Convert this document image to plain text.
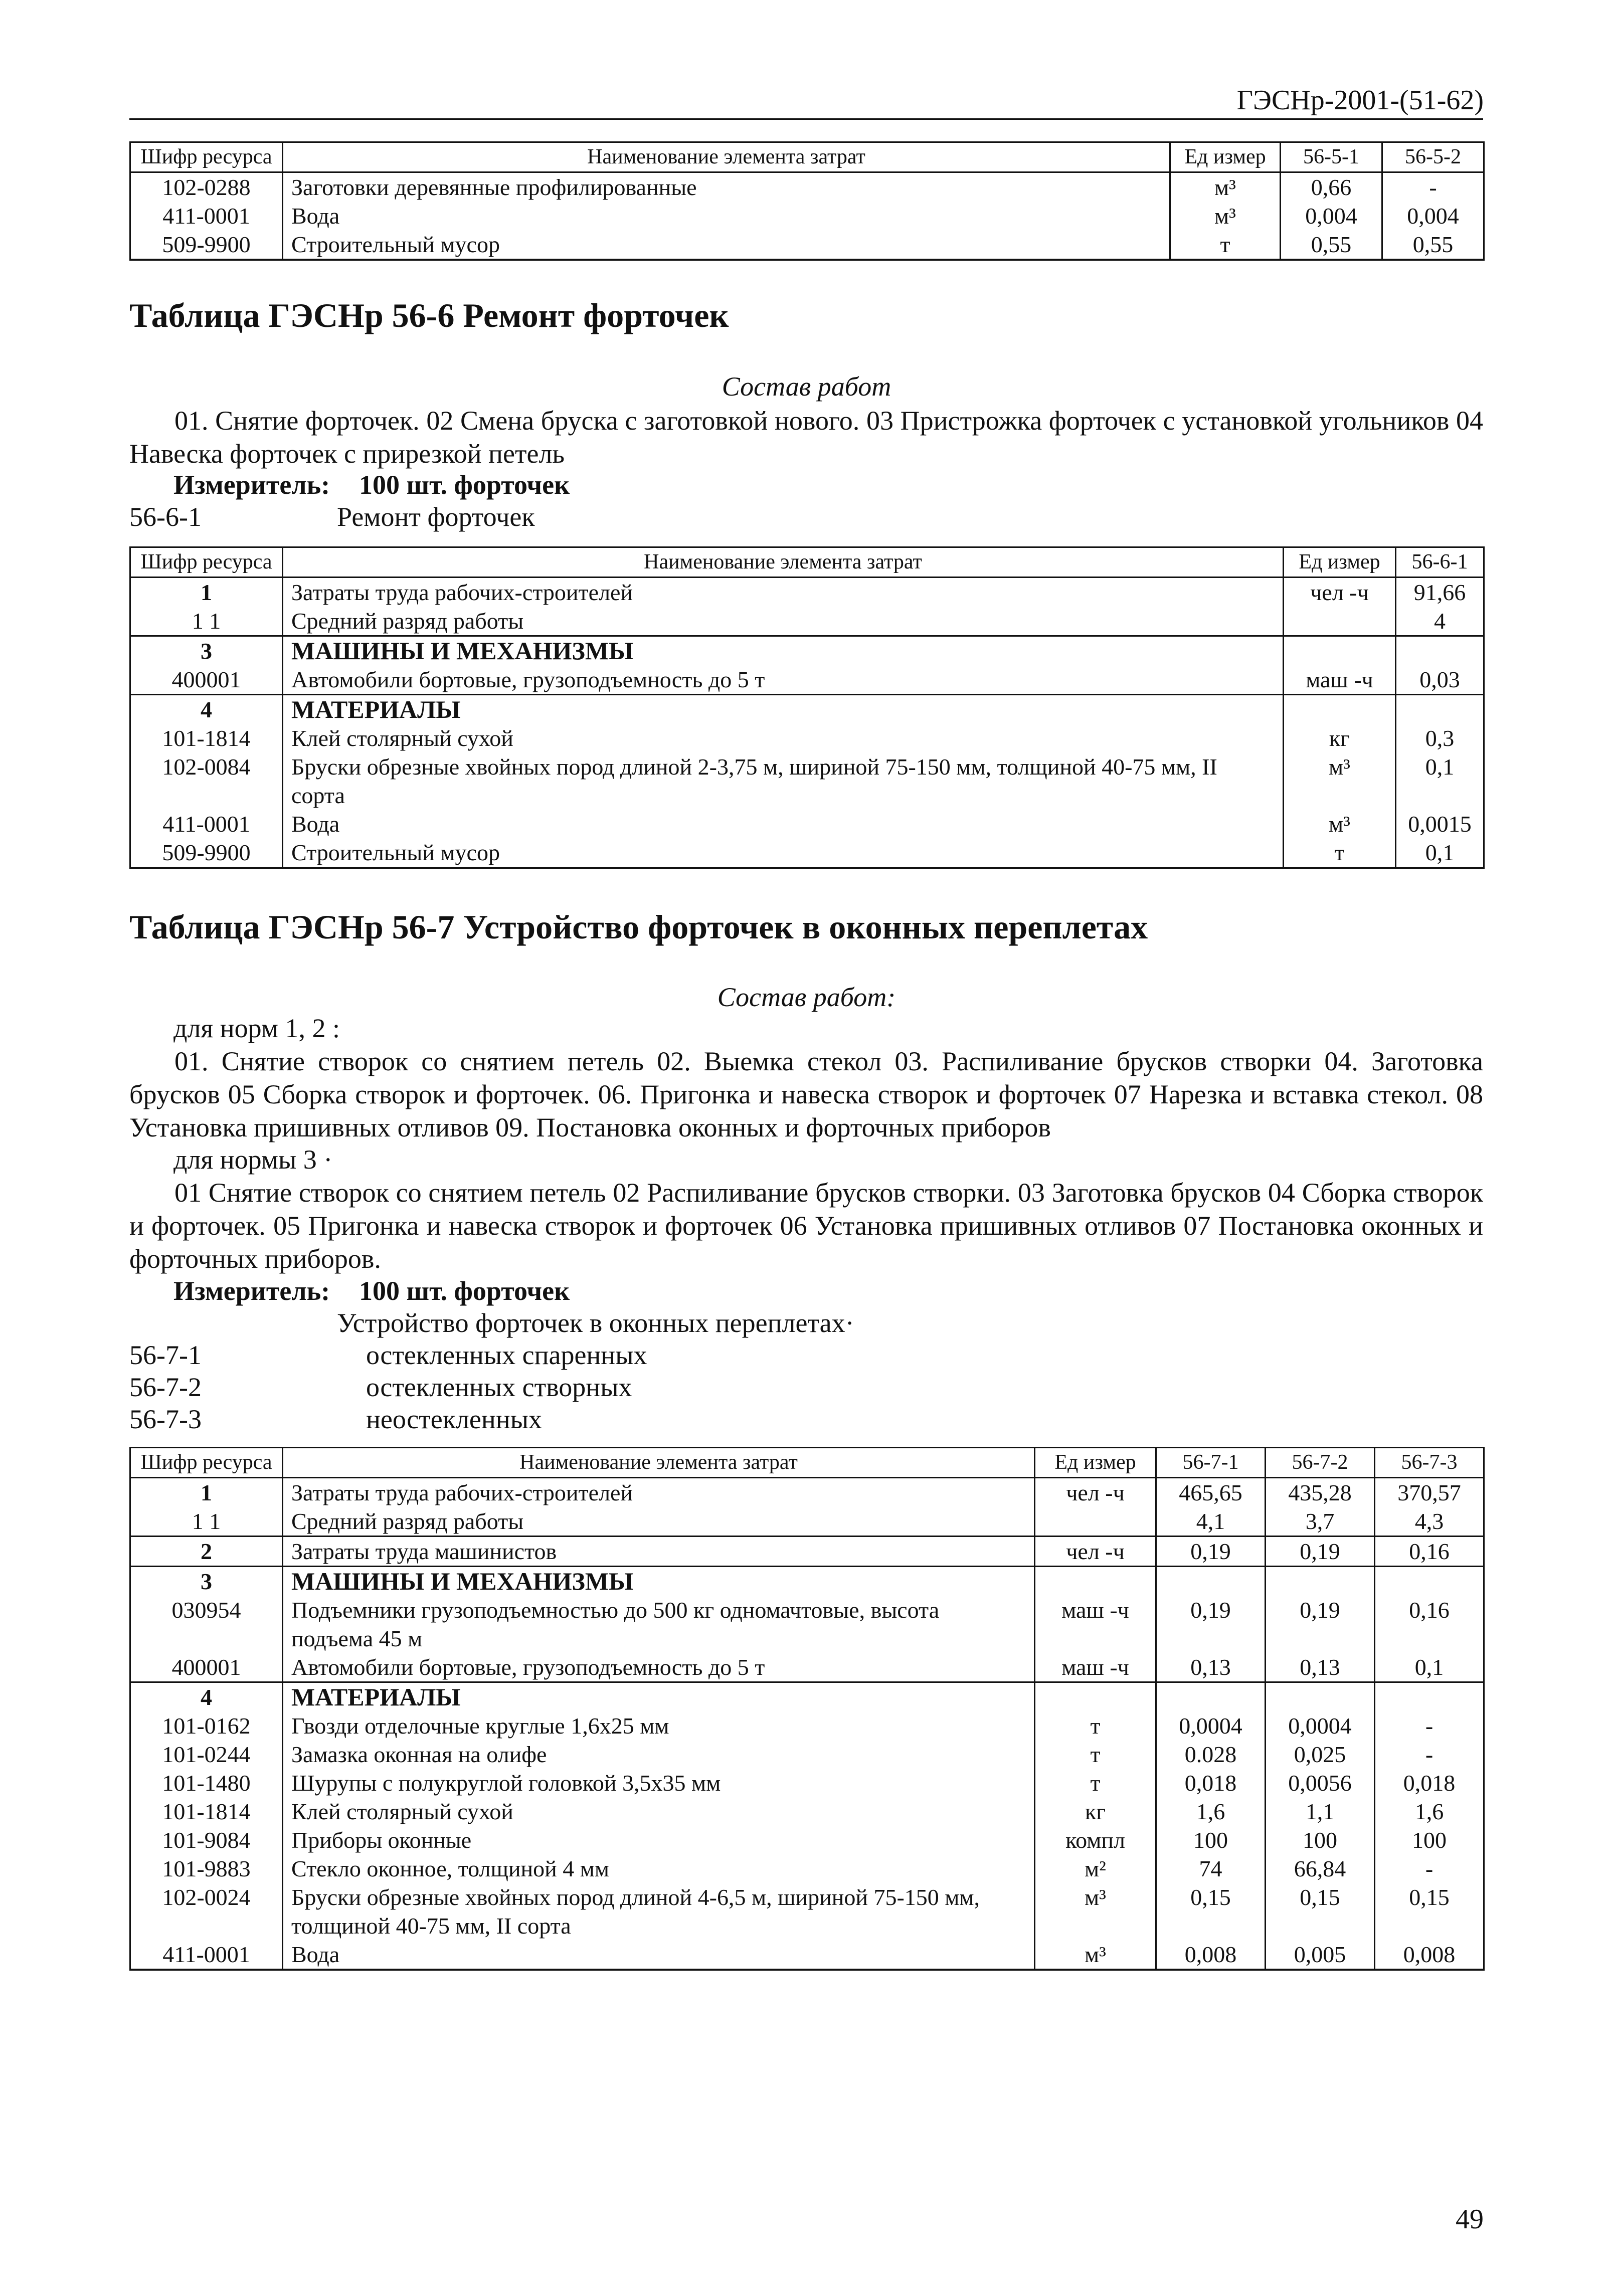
ГЭСНр-2001-(51-62)
Шифр ресурса	Наименование элемента затрат	Ед измер	56-5-1	56-5-2
102-0288	Заготовки деревянные профилированные	м³	0,66	-
411-0001	Вода	м³	0,004	0,004
509-9900	Строительный мусор	т	0,55	0,55
Таблица ГЭСНр 56-6 Ремонт форточек
Состав работ
01. Снятие форточек. 02 Смена бруска с заготовкой нового. 03 Пристрожка форточек с установкой угольников 04 Навеска форточек с прирезкой петель
Измеритель: 100 шт. форточек
56-6-1	Ремонт форточек
Шифр ресурса	Наименование элемента затрат	Ед измер	56-6-1
1	Затраты труда рабочих-строителей	чел -ч	91,66
1 1	Средний разряд работы		4
3	МАШИНЫ И МЕХАНИЗМЫ		
400001	Автомобили бортовые, грузоподъемность до 5 т	маш -ч	0,03
4	МАТЕРИАЛЫ		
101-1814	Клей столярный сухой	кг	0,3
102-0084	Бруски обрезные хвойных пород длиной 2-3,75 м, шириной 75-150 мм, толщиной 40-75 мм, II сорта	м³	0,1
411-0001	Вода	м³	0,0015
509-9900	Строительный мусор	т	0,1
Таблица ГЭСНр 56-7 Устройство форточек в оконных переплетах
Состав работ:
для норм 1, 2 :
01. Снятие створок со снятием петель 02. Выемка стекол 03. Распиливание брусков створки 04. Заготовка брусков 05 Сборка створок и форточек. 06. Пригонка и навеска створок и форточек 07 Нарезка и вставка стекол. 08 Установка пришивных отливов 09. Постановка оконных и форточных приборов
для нормы 3 ·
01 Снятие створок со снятием петель 02 Распиливание брусков створки. 03 Заготовка брусков 04 Сборка створок и форточек. 05 Пригонка и навеска створок и форточек 06 Установка пришивных отливов 07 Постановка оконных и форточных приборов.
Измеритель: 100 шт. форточек
Устройство форточек в оконных переплетах·
56-7-1	остекленных спаренных
56-7-2	остекленных створных
56-7-3	неостекленных
Шифр ресурса	Наименование элемента затрат	Ед измер	56-7-1	56-7-2	56-7-3
1	Затраты труда рабочих-строителей	чел -ч	465,65	435,28	370,57
1 1	Средний разряд работы		4,1	3,7	4,3
2	Затраты труда машинистов	чел -ч	0,19	0,19	0,16
3	МАШИНЫ И МЕХАНИЗМЫ				
030954	Подъемники грузоподъемностью до 500 кг одномачтовые, высота подъема 45 м	маш -ч	0,19	0,19	0,16
400001	Автомобили бортовые, грузоподъемность до 5 т	маш -ч	0,13	0,13	0,1
4	МАТЕРИАЛЫ				
101-0162	Гвозди отделочные круглые 1,6х25 мм	т	0,0004	0,0004	-
101-0244	Замазка оконная на олифе	т	0.028	0,025	-
101-1480	Шурупы с полукруглой головкой 3,5х35 мм	т	0,018	0,0056	0,018
101-1814	Клей столярный сухой	кг	1,6	1,1	1,6
101-9084	Приборы оконные	компл	100	100	100
101-9883	Стекло оконное, толщиной 4 мм	м²	74	66,84	-
102-0024	Бруски обрезные хвойных пород длиной 4-6,5 м, шириной 75-150 мм, толщиной 40-75 мм, II сорта	м³	0,15	0,15	0,15
411-0001	Вода	м³	0,008	0,005	0,008
49
